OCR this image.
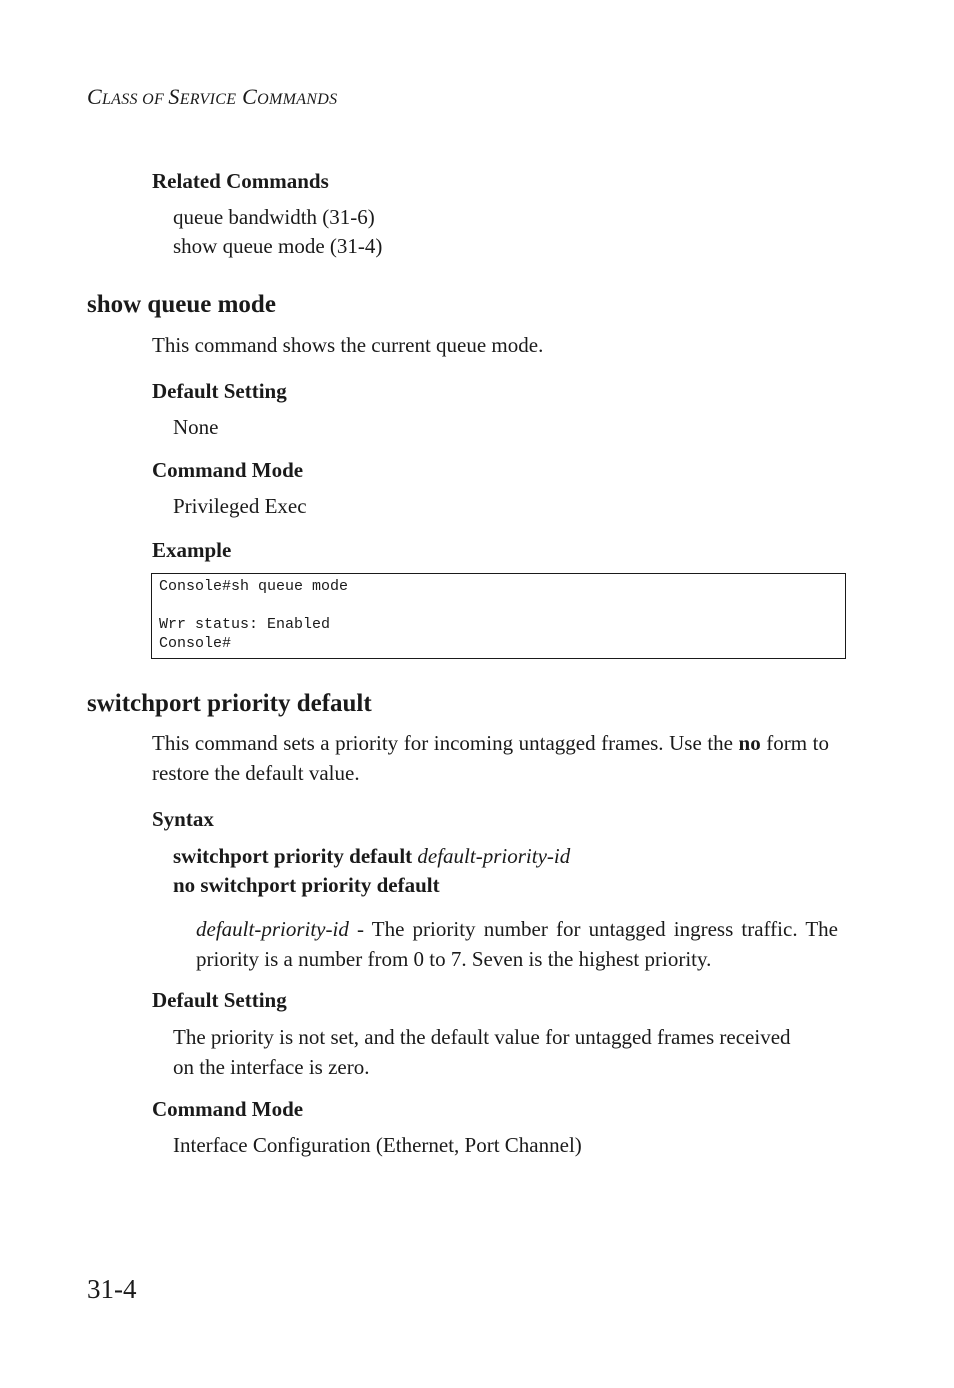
CLASS OF SERVICE COMMANDS
Related Commands
queue bandwidth (31-6)
show queue mode (31-4)
show queue mode
This command shows the current queue mode.
Default Setting
None
Command Mode
Privileged Exec
Example
Console#sh queue mode
Wrr status: Enabled
Console#
switchport priority default
This command sets a priority for incoming untagged frames. Use the no form to restore the default value.
Syntax
switchport priority default default-priority-id
no switchport priority default
default-priority-id - The priority number for untagged ingress traffic. The priority is a number from 0 to 7. Seven is the highest priority.
Default Setting
The priority is not set, and the default value for untagged frames received on the interface is zero.
Command Mode
Interface Configuration (Ethernet, Port Channel)
31-4
